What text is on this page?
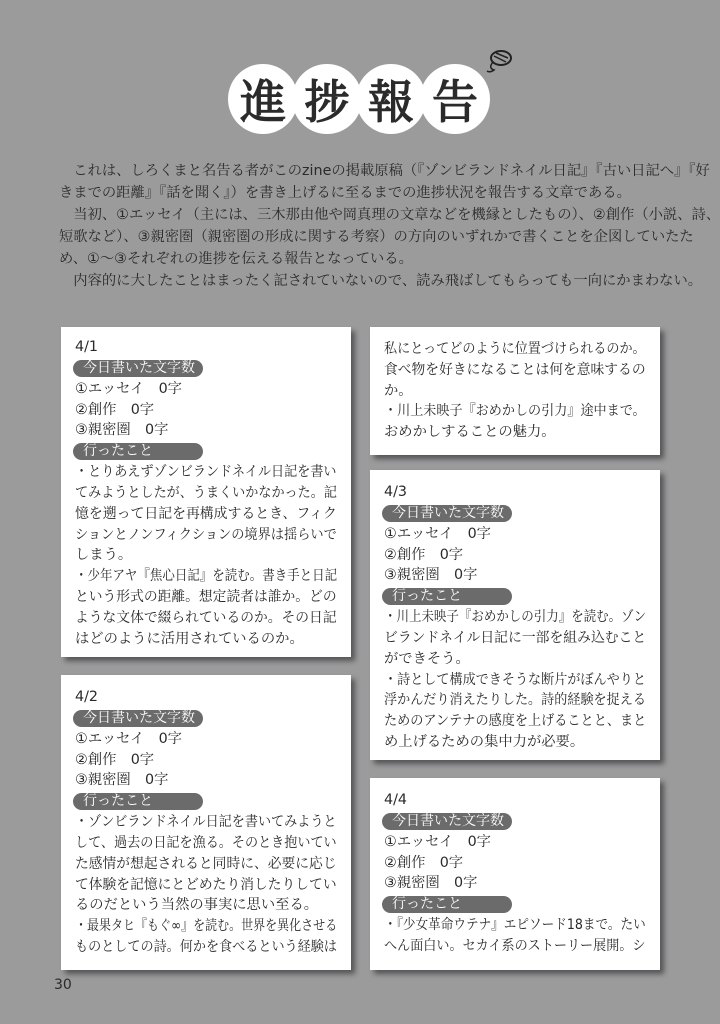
進 捗 報 告

　これは、しろくまと名告る者がこのzineの掲載原稿（『ゾンビランドネイル日記』『古い日記へ』『好

きまでの距離』『話を聞く』）を書き上げるに至るまでの進捗状況を報告する文章である。

　当初、①エッセイ（主には、三木那由他や岡真理の文章などを機縁としたもの）、②創作（小説、詩、

短歌など）、③親密圏（親密圏の形成に関する考察）の方向のいずれかで書くことを企図していたた

め、①〜③それぞれの進捗を伝える報告となっている。

　内容的に大したことはまったく記されていないので、読み飛ばしてもらっても一向にかまわない。

4/1
今日書いた文字数
①エッセイ　0字
②創作　0字
③親密圏　0字
行ったこと
・とりあえずゾンビランドネイル日記を書い
てみようとしたが、うまくいかなかった。記
憶を遡って日記を再構成するとき、フィク
ションとノンフィクションの境界は揺らいで
しまう。
・少年アヤ『焦心日記』を読む。書き手と日記
という形式の距離。想定読者は誰か。どの
ような文体で綴られているのか。その日記
はどのように活用されているのか。
4/2
今日書いた文字数
①エッセイ　0字
②創作　0字
③親密圏　0字
行ったこと
・ゾンビランドネイル日記を書いてみようと
して、過去の日記を漁る。そのとき抱いてい
た感情が想起されると同時に、必要に応じ
て体験を記憶にとどめたり消したりしてい
るのだという当然の事実に思い至る。
・最果タヒ『もぐ∞』を読む。世界を異化させる
ものとしての詩。何かを食べるという経験は
私にとってどのように位置づけられるのか。
食べ物を好きになることは何を意味するの
か。
・川上未映子『おめかしの引力』途中まで。
おめかしすることの魅力。
4/3
今日書いた文字数
①エッセイ　0字
②創作　0字
③親密圏　0字
行ったこと
・川上未映子『おめかしの引力』を読む。ゾン
ビランドネイル日記に一部を組み込むこと
ができそう。
・詩として構成できそうな断片がぼんやりと
浮かんだり消えたりした。詩的経験を捉える
ためのアンテナの感度を上げることと、まと
め上げるための集中力が必要。
4/4
今日書いた文字数
①エッセイ　0字
②創作　0字
③親密圏　0字
行ったこと
・『少女革命ウテナ』エピソード18まで。たい
へん面白い。セカイ系のストーリー展開。シ
30
